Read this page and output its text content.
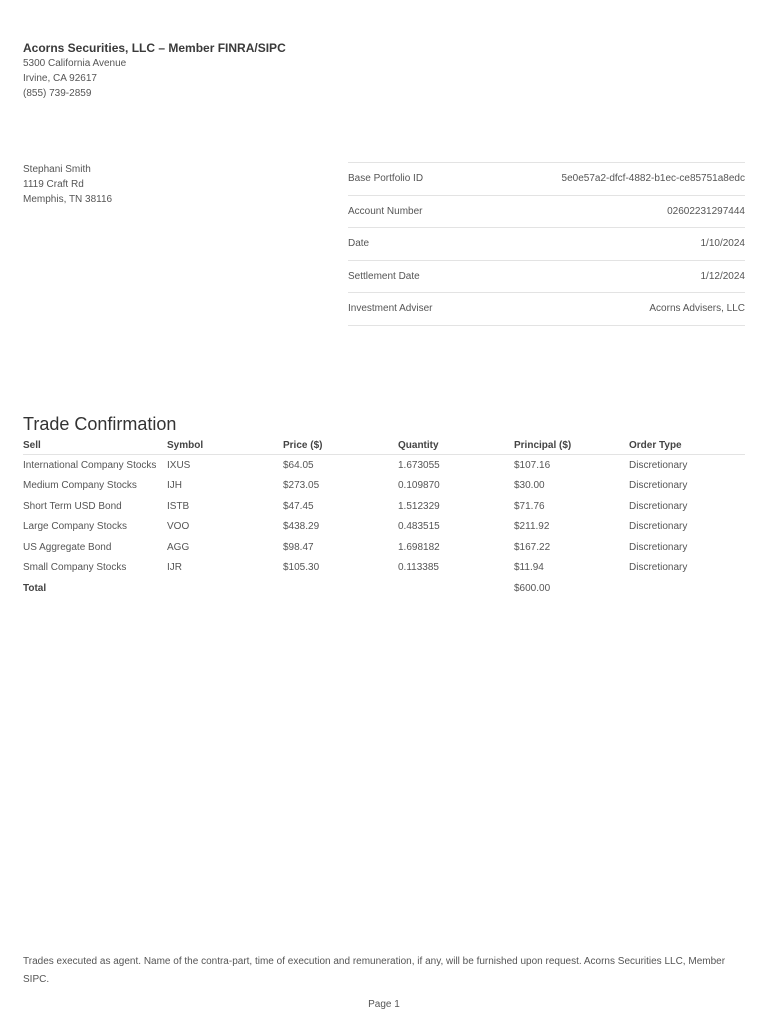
Acorns Securities, LLC – Member FINRA/SIPC
5300 California Avenue
Irvine, CA 92617
(855) 739-2859
Stephani Smith
1119 Craft Rd
Memphis, TN 38116
Base Portfolio ID	5e0e57a2-dfcf-4882-b1ec-ce85751a8edc
Account Number	02602231297444
Date	1/10/2024
Settlement Date	1/12/2024
Investment Adviser	Acorns Advisers, LLC
Trade Confirmation
Sell	Symbol	Price ($)	Quantity	Principal ($)	Order Type
International Company Stocks	IXUS	$64.05	1.673055	$107.16	Discretionary
Medium Company Stocks	IJH	$273.05	0.109870	$30.00	Discretionary
Short Term USD Bond	ISTB	$47.45	1.512329	$71.76	Discretionary
Large Company Stocks	VOO	$438.29	0.483515	$211.92	Discretionary
US Aggregate Bond	AGG	$98.47	1.698182	$167.22	Discretionary
Small Company Stocks	IJR	$105.30	0.113385	$11.94	Discretionary
Total				$600.00	
Trades executed as agent. Name of the contra-part, time of execution and remuneration, if any, will be furnished upon request. Acorns Securities LLC, Member SIPC.
Page 1
